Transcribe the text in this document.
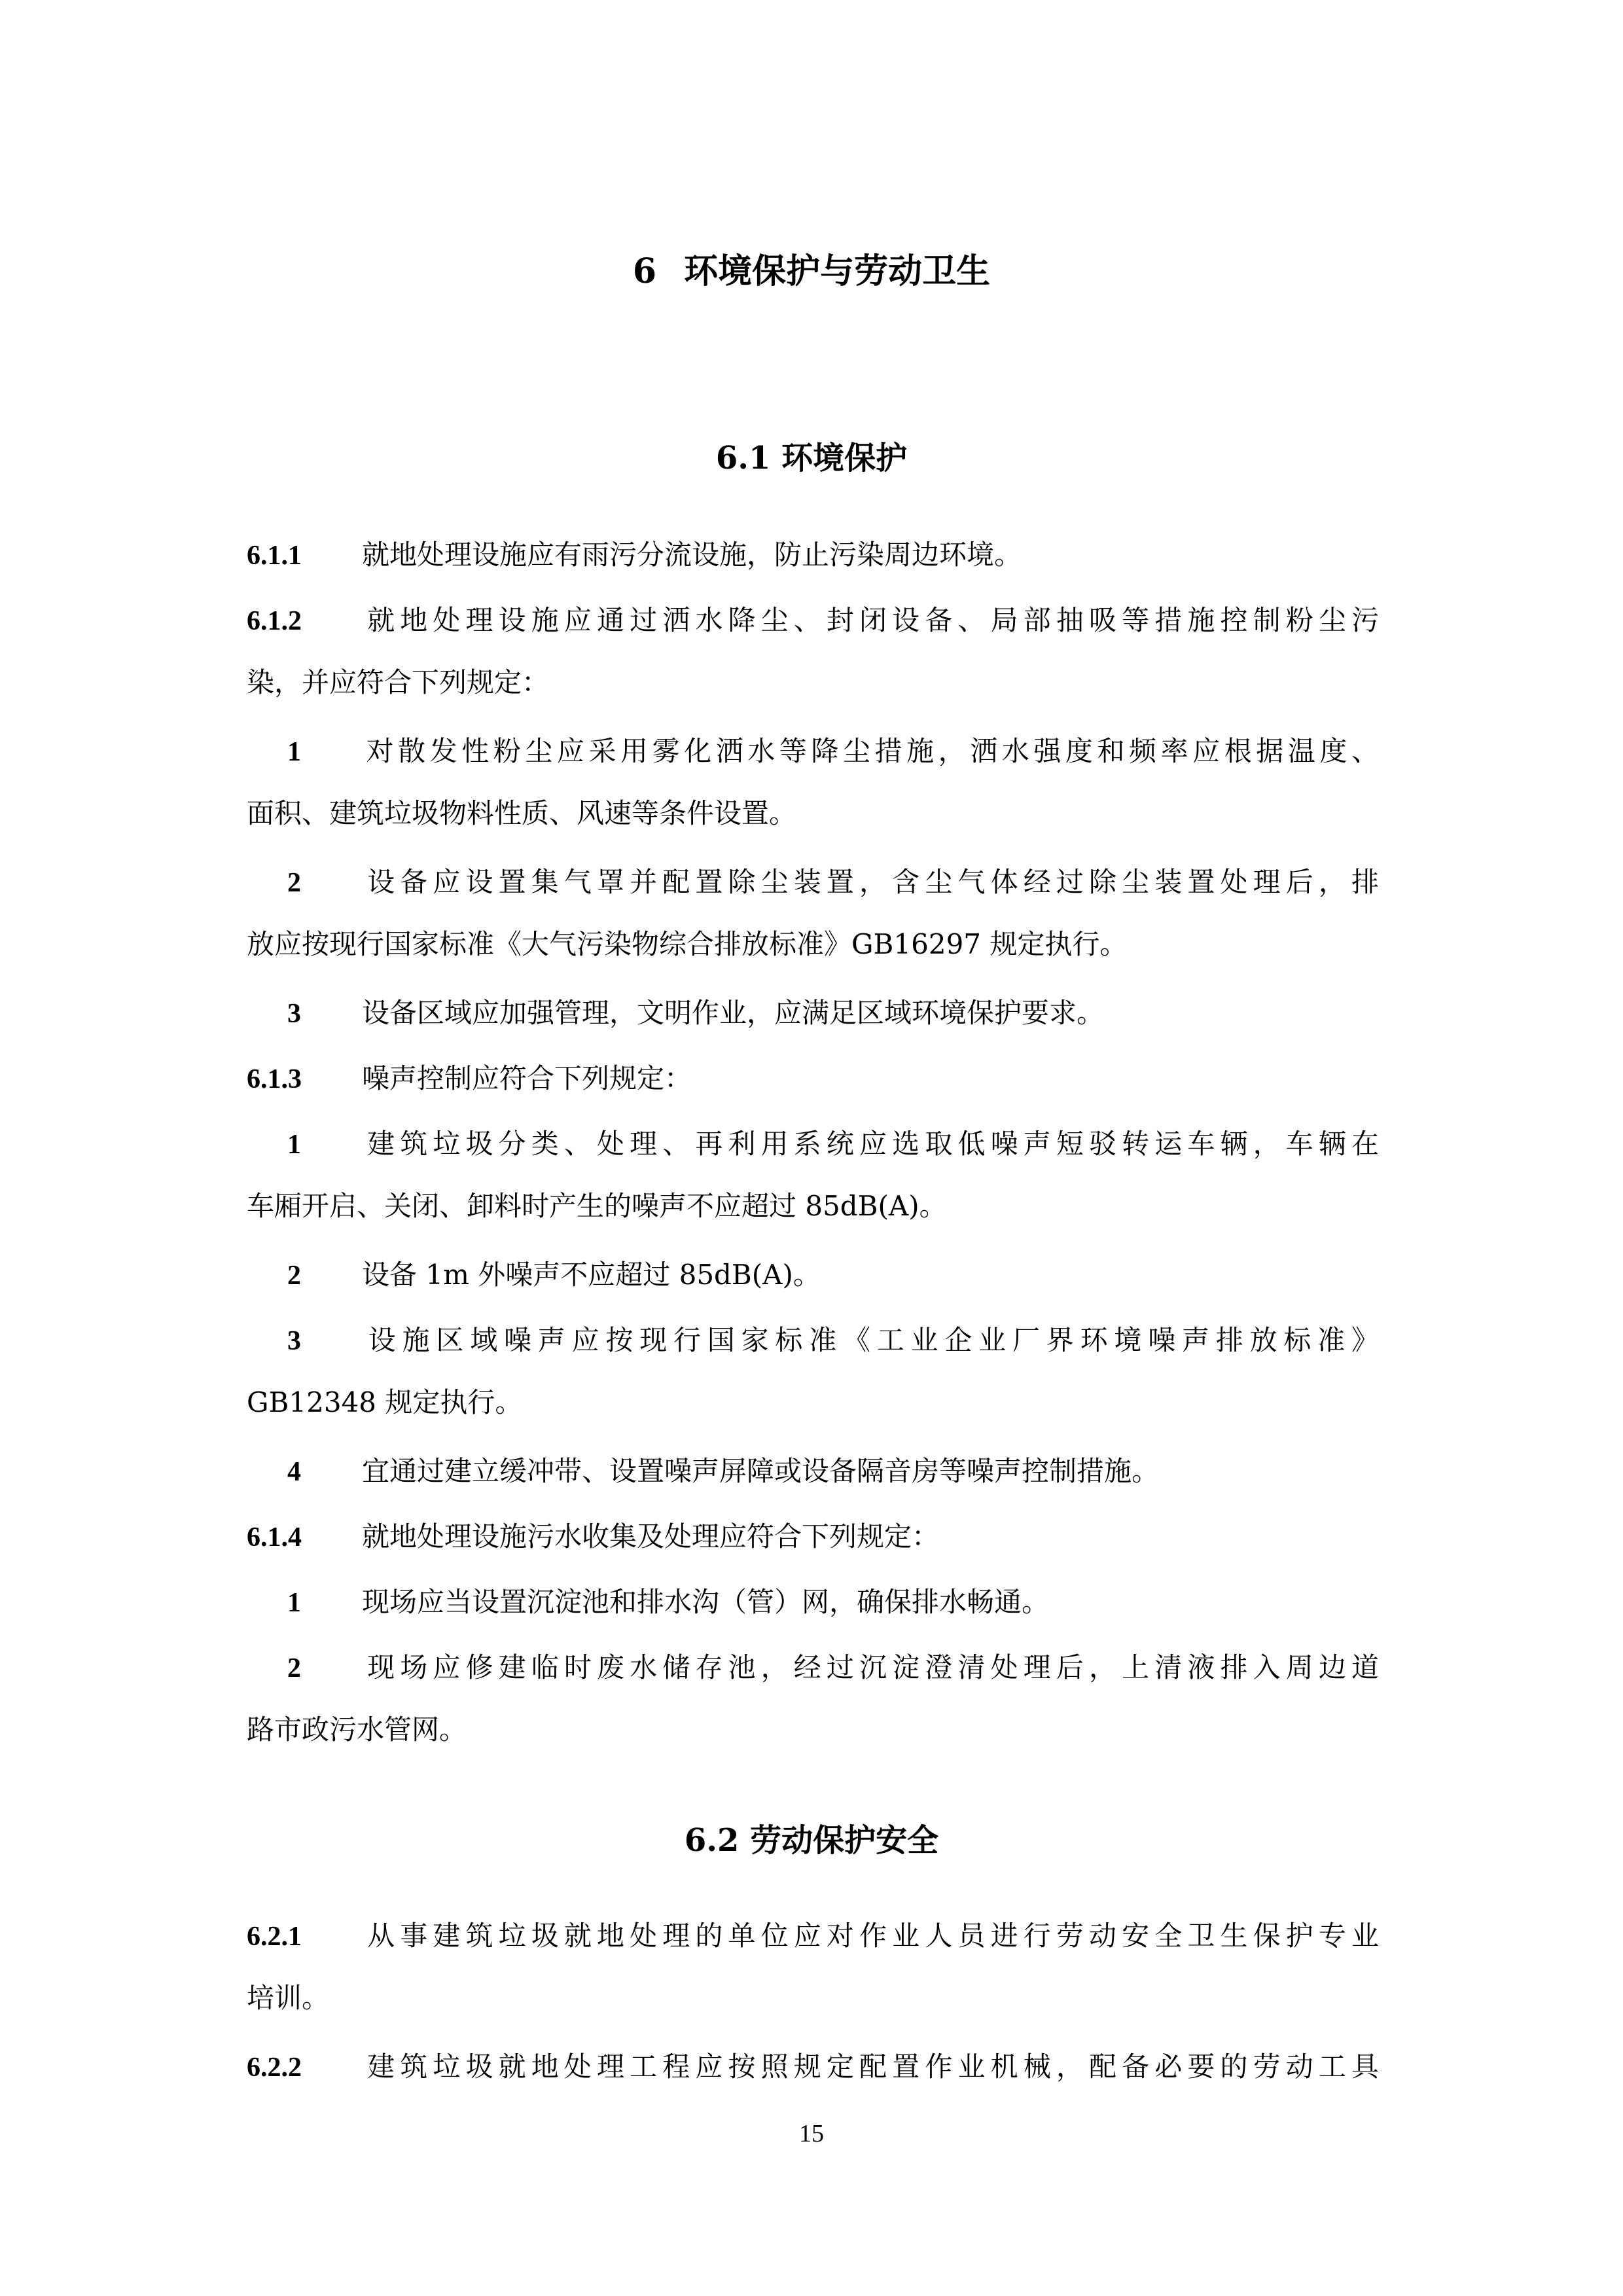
6 环境保护与劳动卫生
6.1 环境保护
6.1.1 就地处理设施应有雨污分流设施，防止污染周边环境。
6.1.2 就地处理设施应通过洒水降尘、封闭设备、局部抽吸等措施控制粉尘污
染，并应符合下列规定：
1 对散发性粉尘应采用雾化洒水等降尘措施，洒水强度和频率应根据温度、
面积、建筑垃圾物料性质、风速等条件设置。
2 设备应设置集气罩并配置除尘装置，含尘气体经过除尘装置处理后，排
放应按现行国家标准《大气污染物综合排放标准》GB16297 规定执行。
3 设备区域应加强管理，文明作业，应满足区域环境保护要求。
6.1.3 噪声控制应符合下列规定：
1 建筑垃圾分类、处理、再利用系统应选取低噪声短驳转运车辆，车辆在
车厢开启、关闭、卸料时产生的噪声不应超过 85dB(A)。
2 设备 1m 外噪声不应超过 85dB(A)。
3 设施区域噪声应按现行国家标准《工业企业厂界环境噪声排放标准》
GB12348 规定执行。
4 宜通过建立缓冲带、设置噪声屏障或设备隔音房等噪声控制措施。
6.1.4 就地处理设施污水收集及处理应符合下列规定：
1 现场应当设置沉淀池和排水沟（管）网，确保排水畅通。
2 现场应修建临时废水储存池，经过沉淀澄清处理后，上清液排入周边道
路市政污水管网。
6.2 劳动保护安全
6.2.1 从事建筑垃圾就地处理的单位应对作业人员进行劳动安全卫生保护专业
培训。
6.2.2 建筑垃圾就地处理工程应按照规定配置作业机械，配备必要的劳动工具
15
